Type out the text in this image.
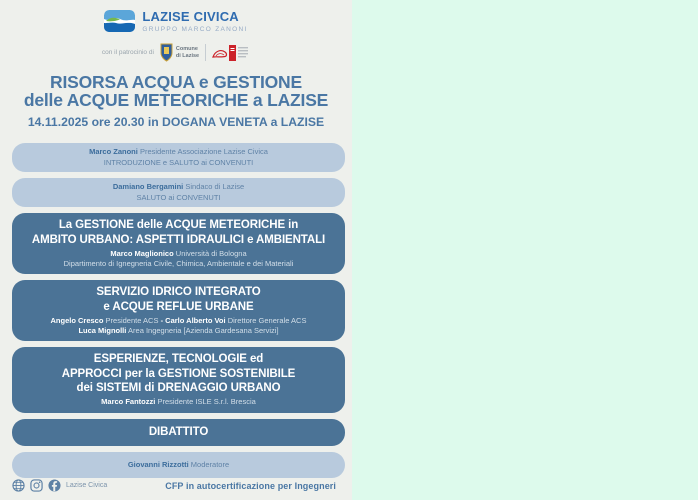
LAZISE CIVICA
GRUPPO MARCO ZANONI
con il patrocinio di
Comune
di Lazise
RISORSA ACQUA e GESTIONE
delle ACQUE METEORICHE a LAZISE
14.11.2025 ore 20.30 in DOGANA VENETA a LAZISE
Marco Zanoni Presidente Associazione Lazise Civica
INTRODUZIONE e SALUTO ai CONVENUTI
Damiano Bergamini Sindaco di Lazise
SALUTO ai CONVENUTI
La GESTIONE delle ACQUE METEORICHE in
AMBITO URBANO: ASPETTI IDRAULICI e AMBIENTALI
Marco Maglionico Università di Bologna
Dipartimento di Ignegneria Civile, Chimica, Ambientale e dei Materiali
SERVIZIO IDRICO INTEGRATO
e ACQUE REFLUE URBANE
Angelo Cresco Presidente ACS - Carlo Alberto Voi Direttore Generale ACS
Luca Mignolli Area Ingegneria [Azienda Gardesana Servizi]
ESPERIENZE, TECNOLOGIE ed
APPROCCI per la GESTIONE SOSTENIBILE
dei SISTEMI di DRENAGGIO URBANO
Marco Fantozzi Presidente ISLE S.r.l. Brescia
DIBATTITO
Giovanni Rizzotti Moderatore
Lazise Civica	CFP in autocertificazione per Ingegneri
